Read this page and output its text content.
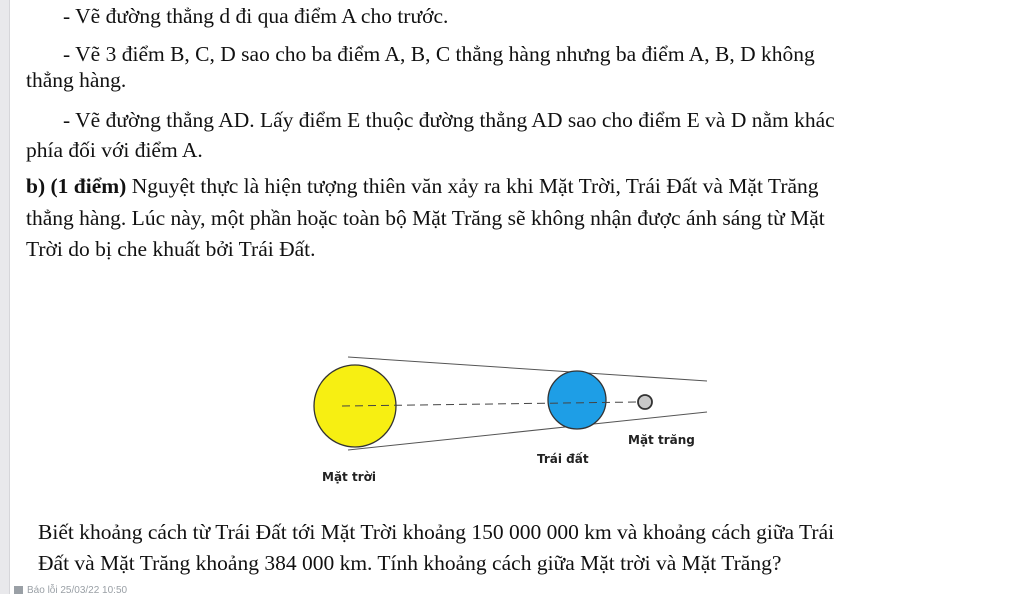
- Vẽ đường thẳng d đi qua điểm A cho trước.
- Vẽ 3 điểm B, C, D sao cho ba điểm A, B, C thẳng hàng nhưng ba điểm A, B, D không
thẳng hàng.
- Vẽ đường thẳng AD. Lấy điểm E thuộc đường thẳng AD sao cho điểm E và D nằm khác
phía đối với điểm A.
b) (1 điểm) Nguyệt thực là hiện tượng thiên văn xảy ra khi Mặt Trời, Trái Đất và Mặt Trăng
thẳng hàng. Lúc này, một phần hoặc toàn bộ Mặt Trăng sẽ không nhận được ánh sáng từ Mặt
Trời do bị che khuất bởi Trái Đất.
Mặt trời
Trái đất
Mặt trăng
Biết khoảng cách từ Trái Đất tới Mặt Trời khoảng 150 000 000 km và khoảng cách giữa Trái
Đất và Mặt Trăng khoảng 384 000 km. Tính khoảng cách giữa Mặt trời và Mặt Trăng?
Báo lỗi 25/03/22 10:50
